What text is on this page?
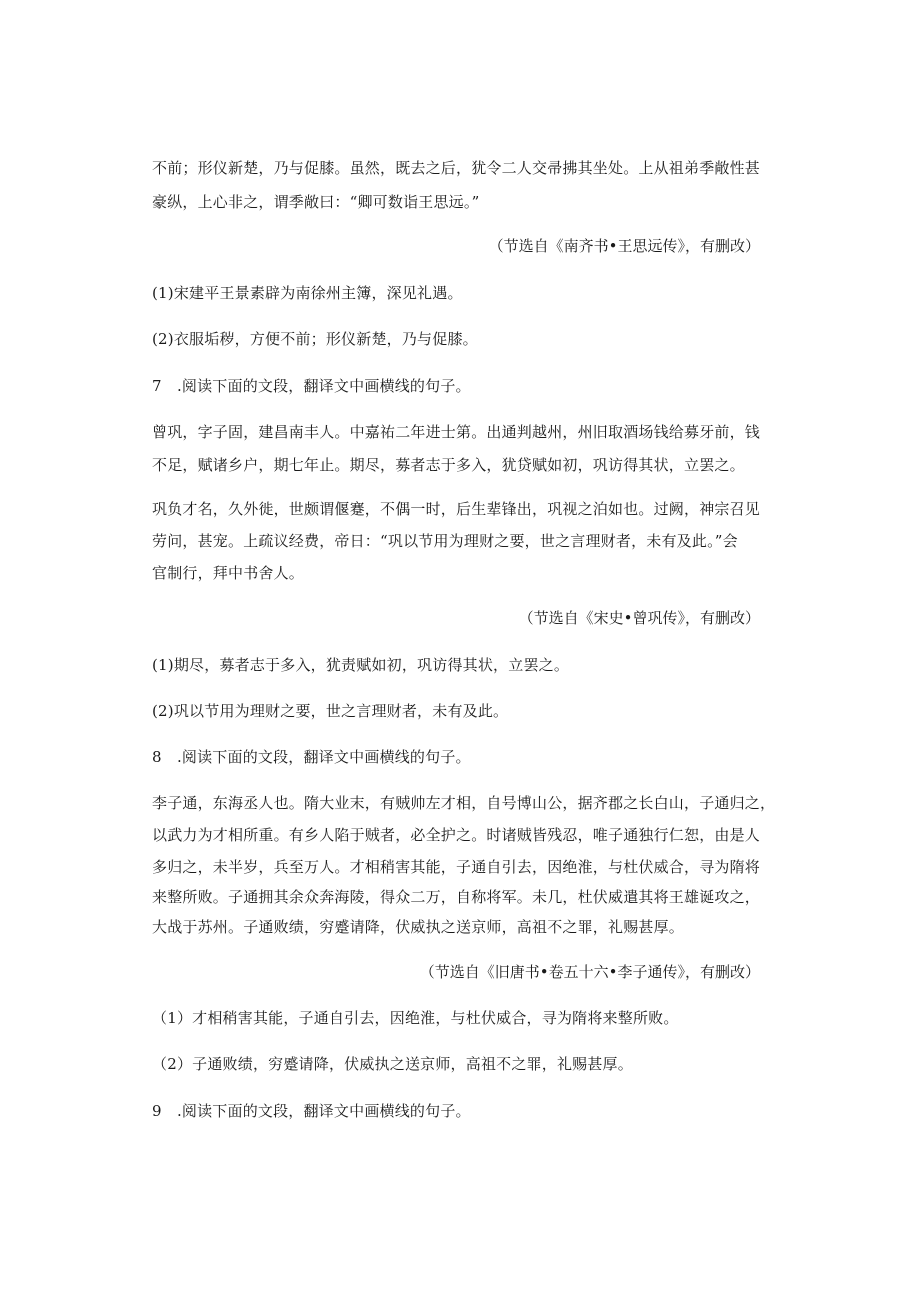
不前；形仪新楚，乃与促膝。虽然，既去之后，犹令二人交帚拂其坐处。上从祖弟季敞性甚
豪纵，上心非之，谓季敞曰：“卿可数诣王思远。”
（节选自《南齐书•王思远传》，有删改）
(1)宋建平王景素辟为南徐州主簿，深见礼遇。
(2)衣服垢秽，方便不前；形仪新楚，乃与促膝。
7　.阅读下面的文段，翻译文中画横线的句子。
曾巩，字子固，建昌南丰人。中嘉祐二年进士第。出通判越州，州旧取酒场钱给募牙前，钱
不足，赋诸乡户，期七年止。期尽，募者志于多入，犹贷赋如初，巩访得其状，立罢之。
巩负才名，久外徙，世颇谓偃蹇，不偶一时，后生辈锋出，巩视之泊如也。过阙，神宗召见
劳问，甚宠。上疏议经费，帝日：“巩以节用为理财之要，世之言理财者，未有及此。”会
官制行，拜中书舍人。
（节选自《宋史•曾巩传》，有删改）
(1)期尽，募者志于多入，犹责赋如初，巩访得其状，立罢之。
(2)巩以节用为理财之要，世之言理财者，未有及此。
8　.阅读下面的文段，翻译文中画横线的句子。
李子通，东海丞人也。隋大业末，有贼帅左才相，自号博山公，据齐郡之长白山，子通归之，
以武力为才相所重。有乡人陷于贼者，必全护之。时诸贼皆残忍，唯子通独行仁恕，由是人
多归之，未半岁，兵至万人。才相稍害其能，子通自引去，因绝淮，与杜伏威合，寻为隋将
来整所败。子通拥其余众奔海陵，得众二万，自称将军。未几，杜伏威遣其将王雄诞攻之，
大战于苏州。子通败绩，穷蹙请降，伏威执之送京师，高祖不之罪，礼赐甚厚。
（节选自《旧唐书•卷五十六•李子通传》，有删改）
（1）才相稍害其能，子通自引去，因绝淮，与杜伏威合，寻为隋将来整所败。
（2）子通败绩，穷蹙请降，伏威执之送京师，高祖不之罪，礼赐甚厚。
9　.阅读下面的文段，翻译文中画横线的句子。
